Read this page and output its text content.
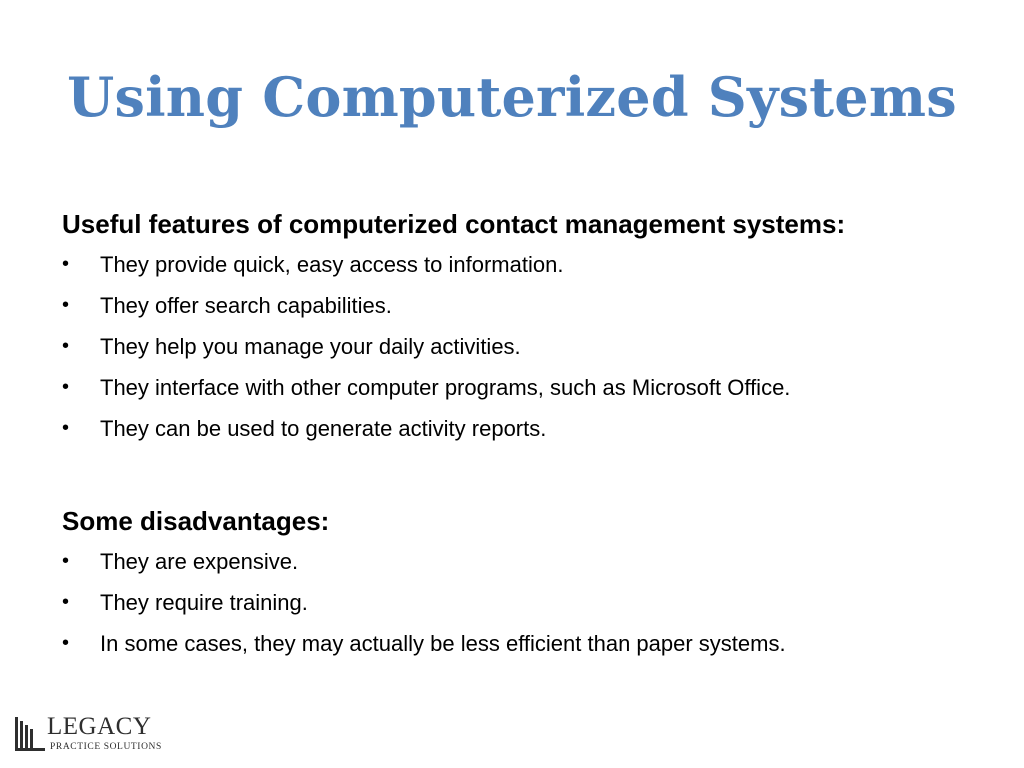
Using Computerized Systems
Useful features of computerized contact management systems:
•	They provide quick, easy access to information.
•	They offer search capabilities.
•	They help you manage your daily activities.
•	They interface with other computer programs, such as Microsoft Office.
•	They can be used to generate activity reports.
Some disadvantages:
•	They are expensive.
•	They require training.
•	In some cases, they may actually be less efficient than paper systems.
LEGACY
PRACTICE SOLUTIONS
